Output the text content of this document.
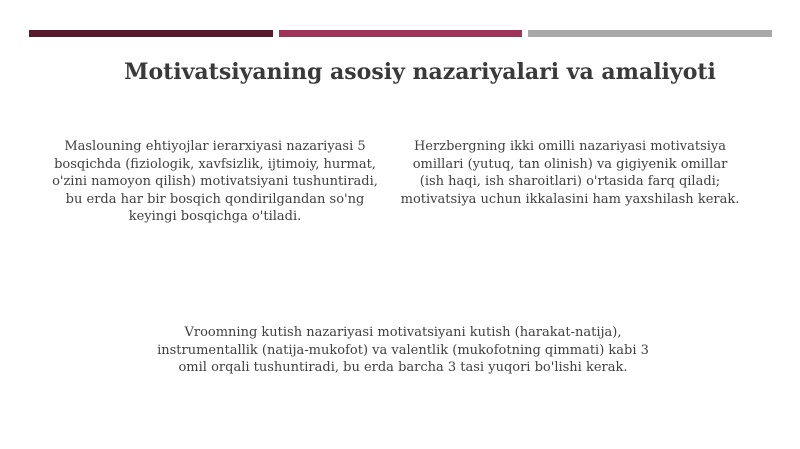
Motivatsiyaning asosiy nazariyalari va amaliyoti

Maslouning ehtiyojlar ierarxiyasi nazariyasi 5 bosqichda (fiziologik, xavfsizlik, ijtimoiy, hurmat, o'zini namoyon qilish) motivatsiyani tushuntiradi, bu erda har bir bosqich qondirilgandan so'ng keyingi bosqichga o'tiladi.

Herzbergning ikki omilli nazariyasi motivatsiya omillari (yutuq, tan olinish) va gigiyenik omillar (ish haqi, ish sharoitlari) o'rtasida farq qiladi; motivatsiya uchun ikkalasini ham yaxshilash kerak.

Vroomning kutish nazariyasi motivatsiyani kutish (harakat-natija), instrumentallik (natija-mukofot) va valentlik (mukofotning qimmati) kabi 3 omil orqali tushuntiradi, bu erda barcha 3 tasi yuqori bo'lishi kerak.
